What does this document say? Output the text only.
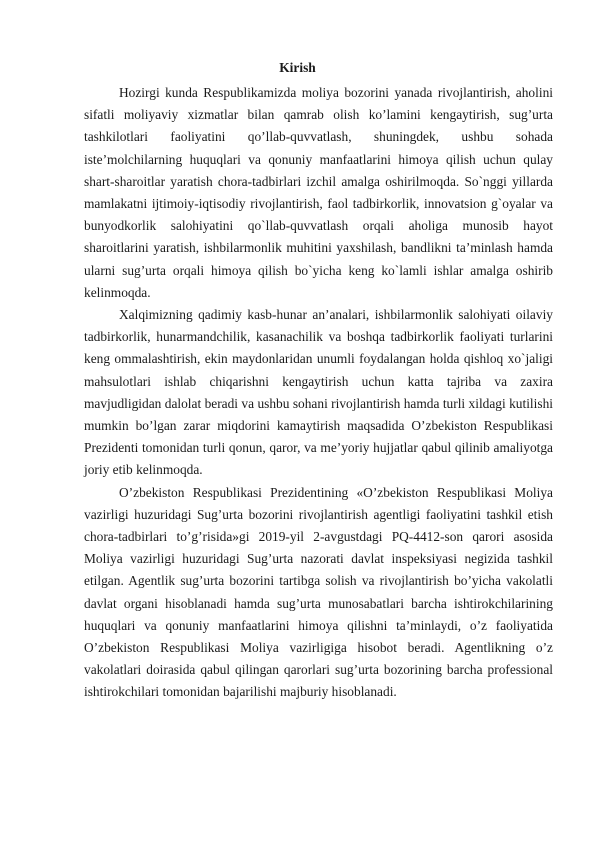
Kirish

Hozirgi kunda Respublikamizda moliya bozorini yanada rivojlantirish, aholini sifatli moliyaviy xizmatlar bilan qamrab olish ko’lamini kengaytirish, sug’urta tashkilotlari faoliyatini qo’llab-quvvatlash, shuningdek, ushbu sohada iste’molchilarning huquqlari va qonuniy manfaatlarini himoya qilish uchun qulay shart-sharoitlar yaratish chora-tadbirlari izchil amalga oshirilmoqda. So`nggi yillarda mamlakatni ijtimoiy-iqtisodiy rivojlantirish, faol tadbirkorlik, innovatsion g`oyalar va bunyodkorlik salohiyatini qo`llab-quvvatlash orqali aholiga munosib hayot sharoitlarini yaratish, ishbilarmonlik muhitini yaxshilash, bandlikni ta’minlash hamda ularni sug’urta orqali himoya qilish bo`yicha keng ko`lamli ishlar amalga oshirib kelinmoqda.

Xalqimizning qadimiy kasb-hunar an’analari, ishbilarmonlik salohiyati oilaviy tadbirkorlik, hunarmandchilik, kasanachilik va boshqa tadbirkorlik faoliyati turlarini keng ommalashtirish, ekin maydonlaridan unumli foydalangan holda qishloq xo`jaligi mahsulotlari ishlab chiqarishni kengaytirish uchun katta tajriba va zaxira mavjudligidan dalolat beradi va ushbu sohani rivojlantirish hamda turli xildagi kutilishi mumkin bo’lgan zarar miqdorini kamaytirish maqsadida O’zbekiston Respublikasi Prezidenti tomonidan turli qonun, qaror, va me’yoriy hujjatlar qabul qilinib amaliyotga joriy etib kelinmoqda.

O’zbekiston Respublikasi Prezidentining «O’zbekiston Respublikasi Moliya vazirligi huzuridagi Sug’urta bozorini rivojlantirish agentligi faoliyatini tashkil etish chora-tadbirlari to’g’risida»gi 2019-yil 2-avgustdagi PQ-4412-son qarori asosida Moliya vazirligi huzuridagi Sug’urta nazorati davlat inspeksiyasi negizida tashkil etilgan. Agentlik sug’urta bozorini tartibga solish va rivojlantirish bo’yicha vakolatli davlat organi hisoblanadi hamda sug’urta munosabatlari barcha ishtirokchilarining huquqlari va qonuniy manfaatlarini himoya qilishni ta’minlaydi, o’z faoliyatida O’zbekiston Respublikasi Moliya vazirligiga hisobot beradi. Agentlikning o’z vakolatlari doirasida qabul qilingan qarorlari sug’urta bozorining barcha professional ishtirokchilari tomonidan bajarilishi majburiy hisoblanadi.
